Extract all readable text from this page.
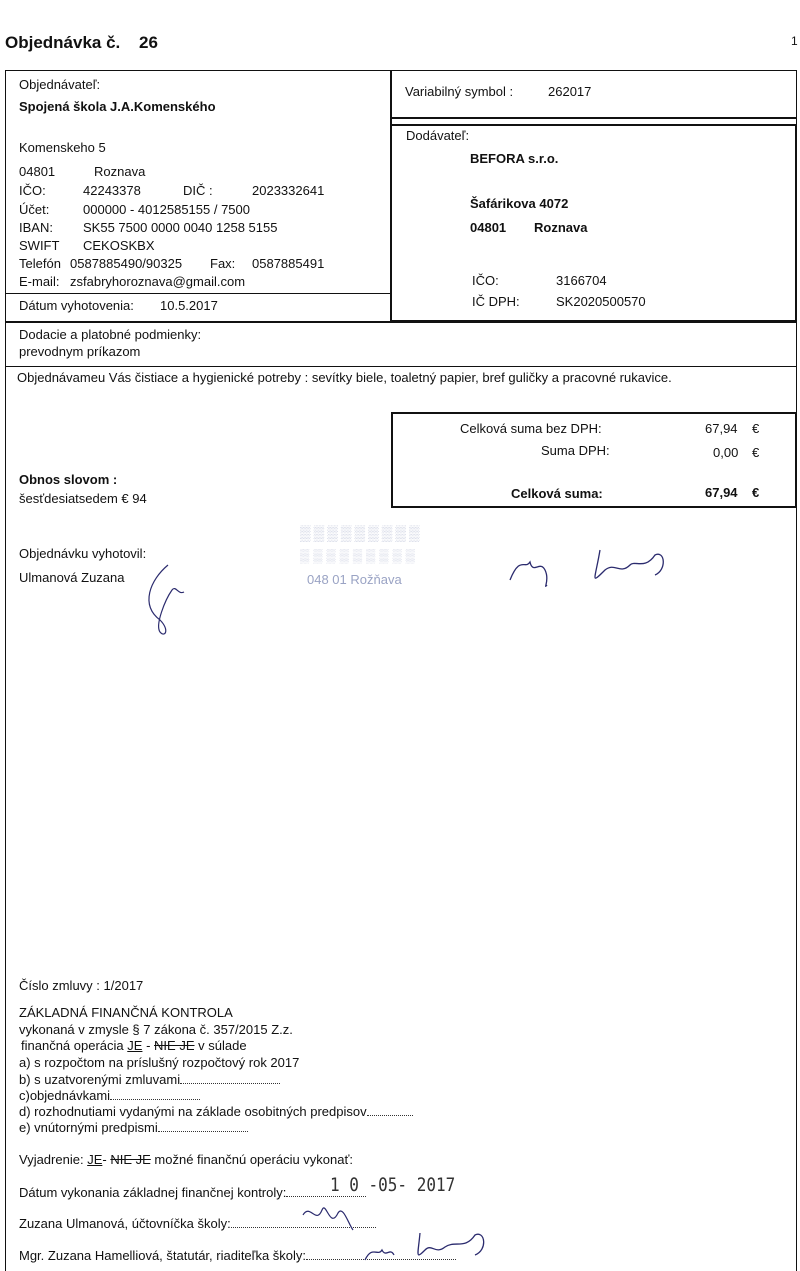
Objednávka č. 26	1
Objednávateľ:
Spojená škola J.A.Komenského
Komenskeho 5
04801	Roznava
IČO:	42243378	DIČ :	2023332641
Účet:	000000 - 4012585155 / 7500
IBAN: SK55 7500 0000 0040 1258 5155
SWIFT CEKOSKBX
Telefón 0587885490/90325 Fax: 0587885491
E-mail: zsfabryhoroznava@gmail.com
Dátum vyhotovenia: 10.5.2017
Variabilný symbol :	262017
Dodávateľ:
BEFORA s.r.o.
Šafárikova 4072
04801 Roznava
IČO:	3166704
IČ DPH:	SK2020500570
Dodacie a platobné podmienky:
prevodnym príkazom
Objednávameu Vás čistiace a hygienické potreby : sevítky biele, toaletný papier, bref guličky a pracovné rukavice.
Celková suma bez DPH:	67,94 €
Suma DPH:	0,00 €
Celková suma:	67,94 €
Obnos slovom :
šesťdesiatsedem € 94
Objednávku vyhotovil:
Ulmanová Zuzana
▒▒▒▒▒▒▒▒▒
▒▒▒▒▒▒▒▒▒
048 01 Rožňava
Číslo zmluvy : 1/2017
ZÁKLADNÁ FINANČNÁ KONTROLA
vykonaná v zmysle § 7 zákona č. 357/2015 Z.z.
finančná operácia JE - NIE JE v súlade
a) s rozpočtom na príslušný rozpočtový rok 2017
b) s uzatvorenými zmluvami
c)objednávkami
d) rozhodnutiami vydanými na základe osobitných predpisov
e) vnútornými predpismi
Vyjadrenie: JE- NIE JE možné finančnú operáciu vykonať:
Dátum vykonania základnej finančnej kontroly:	1 0 -05- 2017
Zuzana Ulmanová, účtovníčka školy:
Mgr. Zuzana Hamelliová, štatutár, riaditeľka školy:
